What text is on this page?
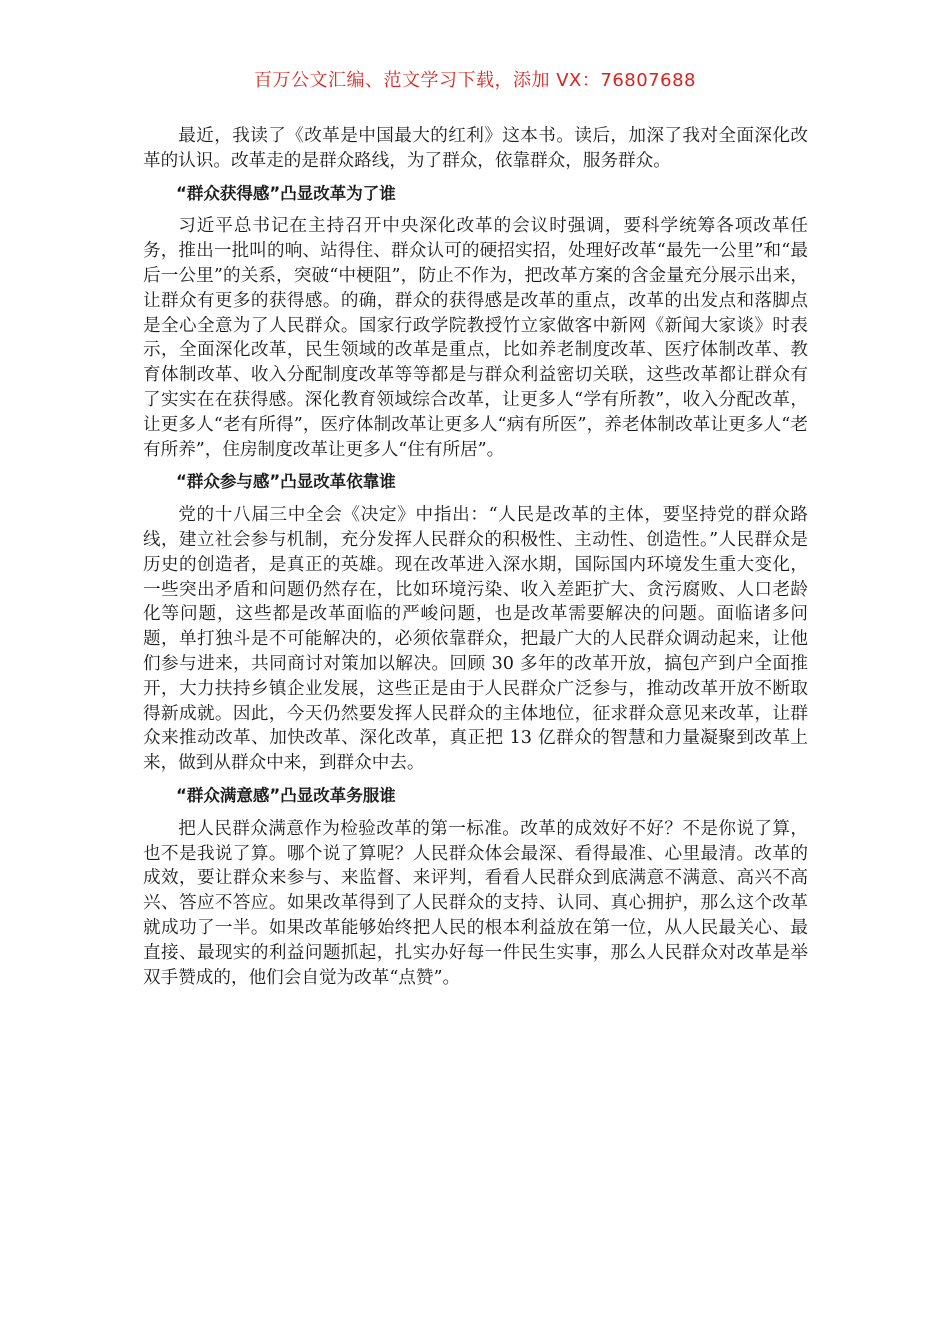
百万公文汇编、范文学习下载，添加 VX：76807688

最近，我读了《改革是中国最大的红利》这本书。读后，加深了我对全面深化改革的认识。改革走的是群众路线，为了群众，依靠群众，服务群众。

“群众获得感”凸显改革为了谁

习近平总书记在主持召开中央深化改革的会议时强调，要科学统筹各项改革任务，推出一批叫的响、站得住、群众认可的硬招实招，处理好改革“最先一公里”和“最后一公里”的关系，突破“中梗阻”，防止不作为，把改革方案的含金量充分展示出来，让群众有更多的获得感。的确，群众的获得感是改革的重点，改革的出发点和落脚点是全心全意为了人民群众。国家行政学院教授竹立家做客中新网《新闻大家谈》时表示，全面深化改革，民生领域的改革是重点，比如养老制度改革、医疗体制改革、教育体制改革、收入分配制度改革等等都是与群众利益密切关联，这些改革都让群众有了实实在在获得感。深化教育领域综合改革，让更多人“学有所教”，收入分配改革，让更多人“老有所得”，医疗体制改革让更多人“病有所医”，养老体制改革让更多人“老有所养”，住房制度改革让更多人“住有所居”。

“群众参与感”凸显改革依靠谁

党的十八届三中全会《决定》中指出：“人民是改革的主体，要坚持党的群众路线，建立社会参与机制，充分发挥人民群众的积极性、主动性、创造性。”人民群众是历史的创造者，是真正的英雄。现在改革进入深水期，国际国内环境发生重大变化，一些突出矛盾和问题仍然存在，比如环境污染、收入差距扩大、贪污腐败、人口老龄化等问题，这些都是改革面临的严峻问题，也是改革需要解决的问题。面临诸多问题，单打独斗是不可能解决的，必须依靠群众，把最广大的人民群众调动起来，让他们参与进来，共同商讨对策加以解决。回顾 30 多年的改革开放，搞包产到户全面推开，大力扶持乡镇企业发展，这些正是由于人民群众广泛参与，推动改革开放不断取得新成就。因此，今天仍然要发挥人民群众的主体地位，征求群众意见来改革，让群众来推动改革、加快改革、深化改革，真正把 13 亿群众的智慧和力量凝聚到改革上来，做到从群众中来，到群众中去。

“群众满意感”凸显改革务服谁

把人民群众满意作为检验改革的第一标准。改革的成效好不好？不是你说了算，也不是我说了算。哪个说了算呢？人民群众体会最深、看得最准、心里最清。改革的成效，要让群众来参与、来监督、来评判，看看人民群众到底满意不满意、高兴不高兴、答应不答应。如果改革得到了人民群众的支持、认同、真心拥护，那么这个改革就成功了一半。如果改革能够始终把人民的根本利益放在第一位，从人民最关心、最直接、最现实的利益问题抓起，扎实办好每一件民生实事，那么人民群众对改革是举双手赞成的，他们会自觉为改革“点赞”。
